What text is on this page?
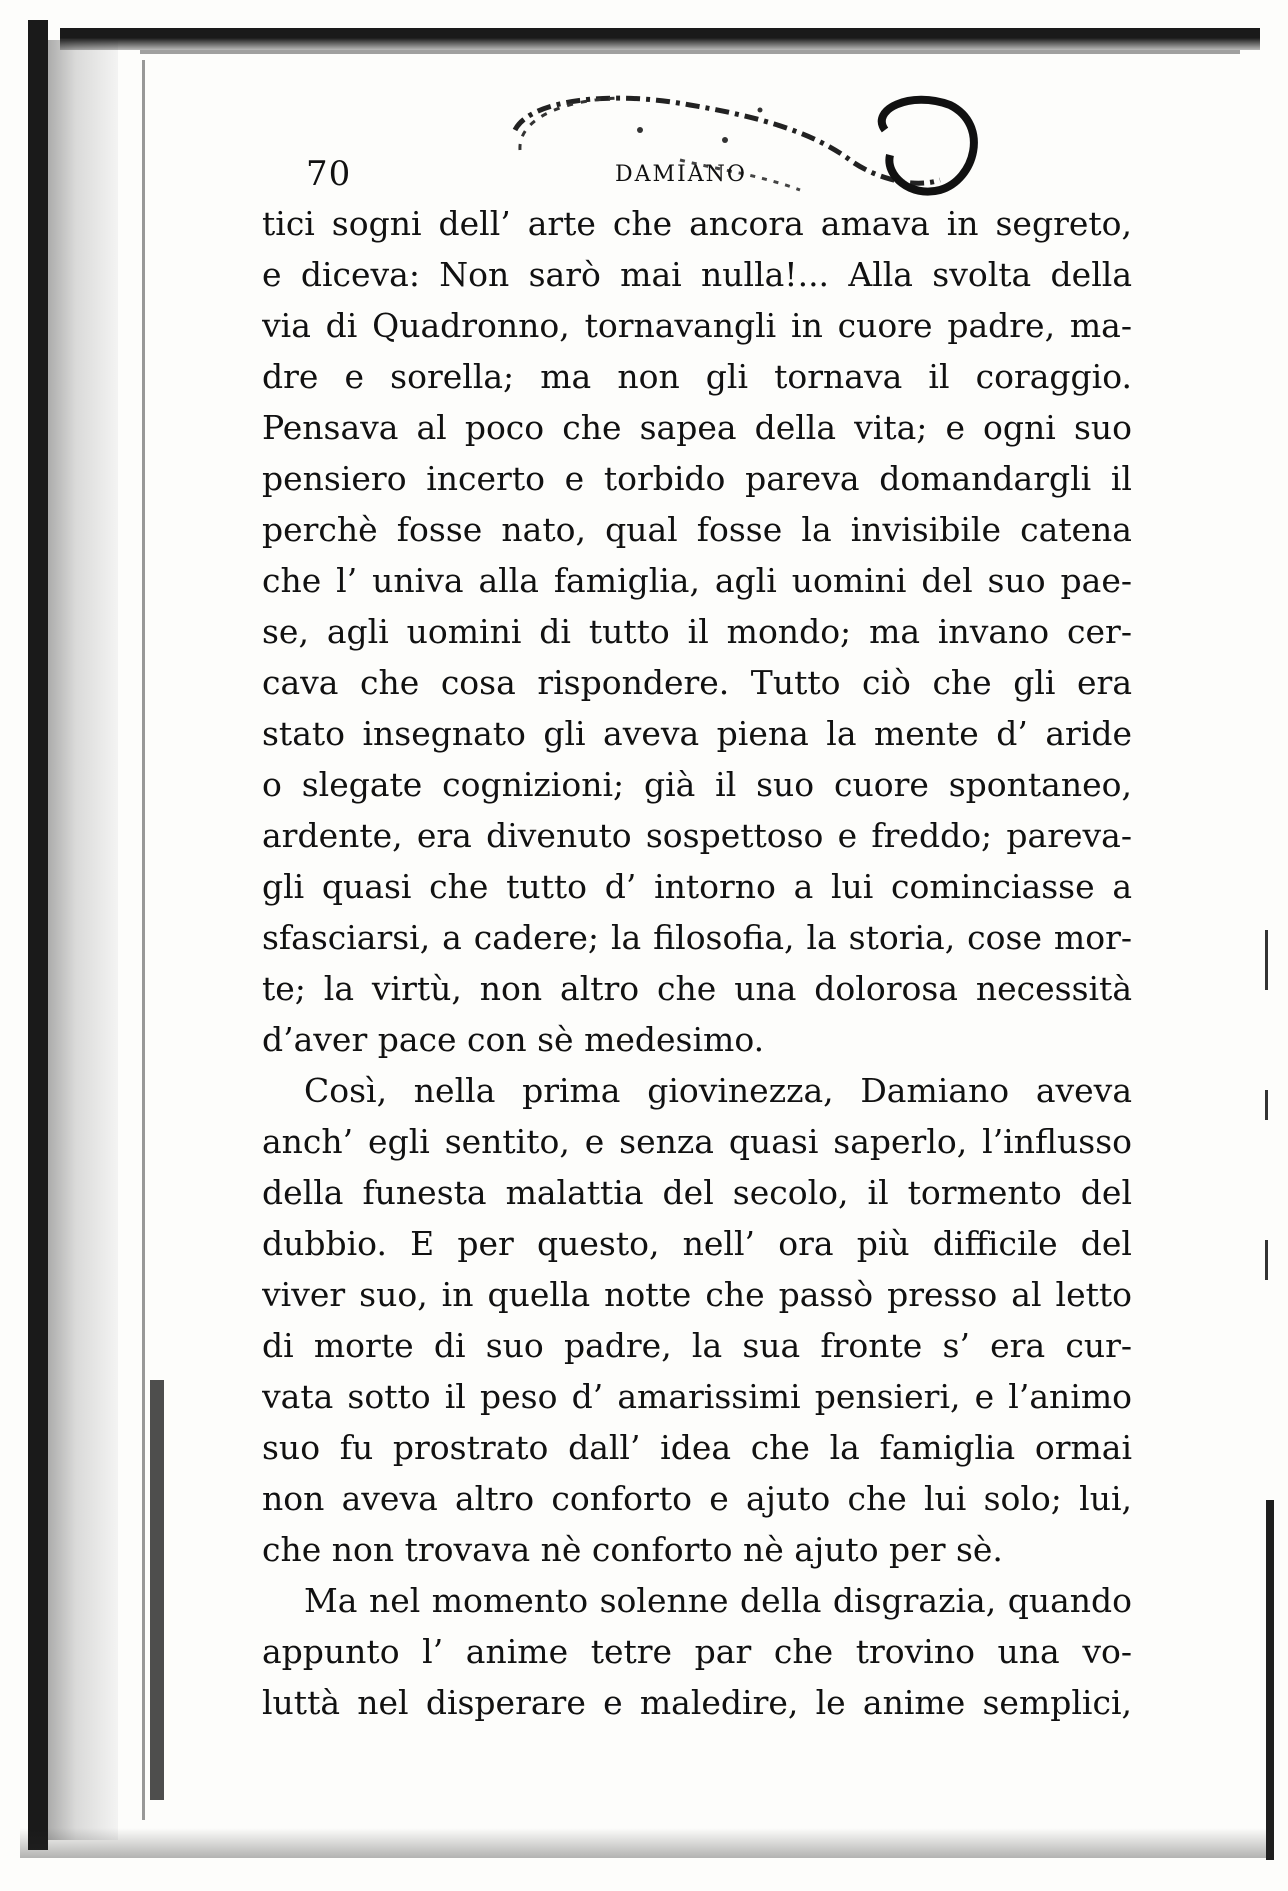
70	DAMIANO
tici sogni dell’ arte che ancora amava in segreto,
e diceva: Non sarò mai nulla!... Alla svolta della
via di Quadronno, tornavangli in cuore padre, ma-
dre e sorella; ma non gli tornava il coraggio.
Pensava al poco che sapea della vita; e ogni suo
pensiero incerto e torbido pareva domandargli il
perchè fosse nato, qual fosse la invisibile catena
che l’ univa alla famiglia, agli uomini del suo pae-
se, agli uomini di tutto il mondo; ma invano cer-
cava che cosa rispondere. Tutto ciò che gli era
stato insegnato gli aveva piena la mente d’ aride
o slegate cognizioni; già il suo cuore spontaneo,
ardente, era divenuto sospettoso e freddo; pareva-
gli quasi che tutto d’ intorno a lui cominciasse a
sfasciarsi, a cadere; la filosofia, la storia, cose mor-
te; la virtù, non altro che una dolorosa necessità
d’aver pace con sè medesimo.
Così, nella prima giovinezza, Damiano aveva
anch’ egli sentito, e senza quasi saperlo, l’influsso
della funesta malattia del secolo, il tormento del
dubbio. E per questo, nell’ ora più difficile del
viver suo, in quella notte che passò presso al letto
di morte di suo padre, la sua fronte s’ era cur-
vata sotto il peso d’ amarissimi pensieri, e l’animo
suo fu prostrato dall’ idea che la famiglia ormai
non aveva altro conforto e ajuto che lui solo; lui,
che non trovava nè conforto nè ajuto per sè.
Ma nel momento solenne della disgrazia, quando
appunto l’ anime tetre par che trovino una vo-
luttà nel disperare e maledire, le anime semplici,
